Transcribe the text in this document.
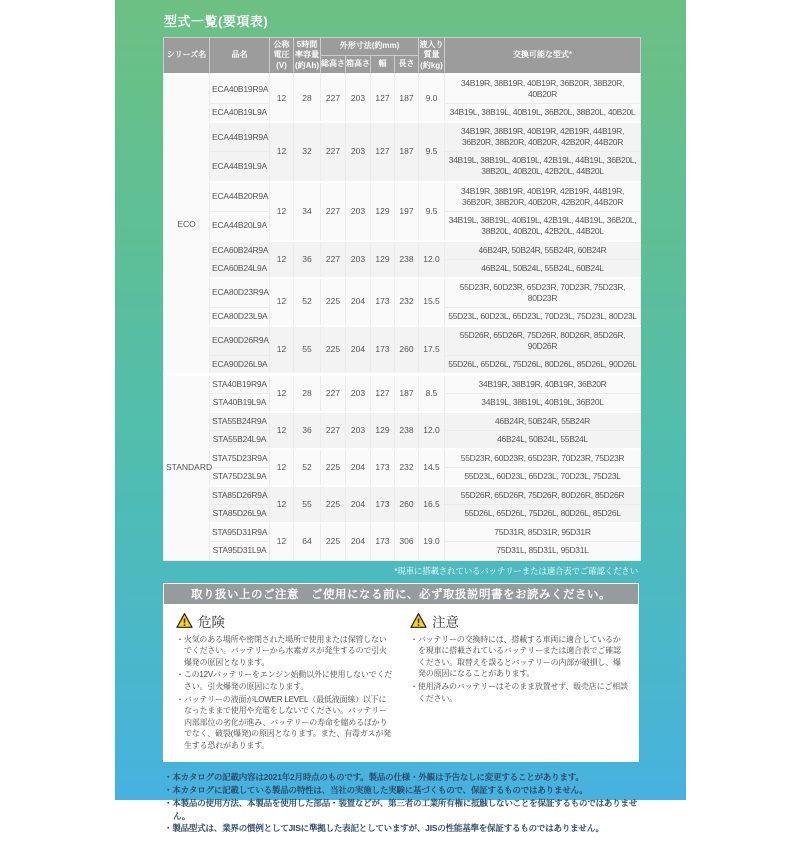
型式一覧(要項表)
シリーズ名	品名	公称電圧(V)	5時間率容量(約Ah)	外形寸法(約mm)				液入り質量(約kg)	交換可能な型式*
				総高さ	箱高さ	幅	長さ		
ECO	ECA40B19R9A	12	28	227	203	127	187	9.0	34B19R, 38B19R, 40B19R, 36B20R, 38B20R, 40B20R
	ECA40B19L9A								34B19L, 38B19L, 40B19L, 36B20L, 38B20L, 40B20L
	ECA44B19R9A	12	32	227	203	127	187	9.5	34B19R, 38B19R, 40B19R, 42B19R, 44B19R, 36B20R, 38B20R, 40B20R, 42B20R, 44B20R
	ECA44B19L9A								34B19L, 38B19L, 40B19L, 42B19L, 44B19L, 36B20L, 38B20L, 40B20L, 42B20L, 44B20L
	ECA44B20R9A	12	34	227	203	129	197	9.5	34B19R, 38B19R, 40B19R, 42B19R, 44B19R, 36B20R, 38B20R, 40B20R, 42B20R, 44B20R
	ECA44B20L9A								34B19L, 38B19L, 40B19L, 42B19L, 44B19L, 36B20L, 38B20L, 40B20L, 42B20L, 44B20L
	ECA60B24R9A	12	36	227	203	129	238	12.0	46B24R, 50B24R, 55B24R, 60B24R
	ECA60B24L9A								46B24L, 50B24L, 55B24L, 60B24L
	ECA80D23R9A	12	52	225	204	173	232	15.5	55D23R, 60D23R, 65D23R, 70D23R, 75D23R, 80D23R
	ECA80D23L9A								55D23L, 60D23L, 65D23L, 70D23L, 75D23L, 80D23L
	ECA90D26R9A	12	55	225	204	173	260	17.5	55D26R, 65D26R, 75D26R, 80D26R, 85D26R, 90D26R
	ECA90D26L9A								55D26L, 65D26L, 75D26L, 80D26L, 85D26L, 90D26L
STANDARD	STA40B19R9A	12	28	227	203	127	187	8.5	34B19R, 38B19R, 40B19R, 36B20R
	STA40B19L9A								34B19L, 38B19L, 40B19L, 36B20L
	STA55B24R9A	12	36	227	203	129	238	12.0	46B24R, 50B24R, 55B24R
	STA55B24L9A								46B24L, 50B24L, 55B24L
	STA75D23R9A	12	52	225	204	173	232	14.5	55D23R, 60D23R, 65D23R, 70D23R, 75D23R
	STA75D23L9A								55D23L, 60D23L, 65D23L, 70D23L, 75D23L
	STA85D26R9A	12	55	225	204	173	260	16.5	55D26R, 65D26R, 75D26R, 80D26R, 85D26R
	STA85D26L9A								55D26L, 65D26L, 75D26L, 80D26L, 85D26L
	STA95D31R9A	12	64	225	204	173	306	19.0	75D31R, 85D31R, 95D31R
	STA95D31L9A								75D31L, 85D31L, 95D31L
*現車に搭載されているバッテリーまたは適合表でご確認ください
取り扱い上のご注意　ご使用になる前に、必ず取扱説明書をお読みください。
危険
・ 火気のある場所や密閉された場所で使用または保管しないでください。バッテリーから水素ガスが発生するので引火爆発の原因となります。
・ この12Vバッテリーをエンジン始動以外に使用しないでください。引火爆発の原因になります。
・ バッテリーの液面がLOWER LEVEL（最低液面線）以下になったままで使用や充電をしないでください。バッテリー内部部位の劣化が進み、バッテリーの寿命を縮めるばかりでなく、破裂(爆発)の原因となります。また、有毒ガスが発生する恐れがあります。
注意
・ バッテリーの交換時には、搭載する車両に適合しているかを現車に搭載されているバッテリーまたは適合表でご確認ください。取替えを誤るとバッテリーの内部が破損し、爆発の原因になることがあります。
・ 使用済みのバッテリーはそのまま放置せず、販売店にご相談ください。
・ 本カタログの記載内容は2021年2月時点のものです。製品の仕様・外観は予告なしに変更することがあります。
・ 本カタログに記載している製品の特性は、当社の実施した実験に基づくもので、保証するものではありません。
・ 本製品の使用方法、本製品を使用した部品・装置などが、第三者の工業所有権に抵触しないことを保証するものではありません。
・ 製品型式は、業界の慣例としてJISに準拠した表記としていますが、JISの性能基準を保証するものではありません。
エナジーウィズ株式会社
